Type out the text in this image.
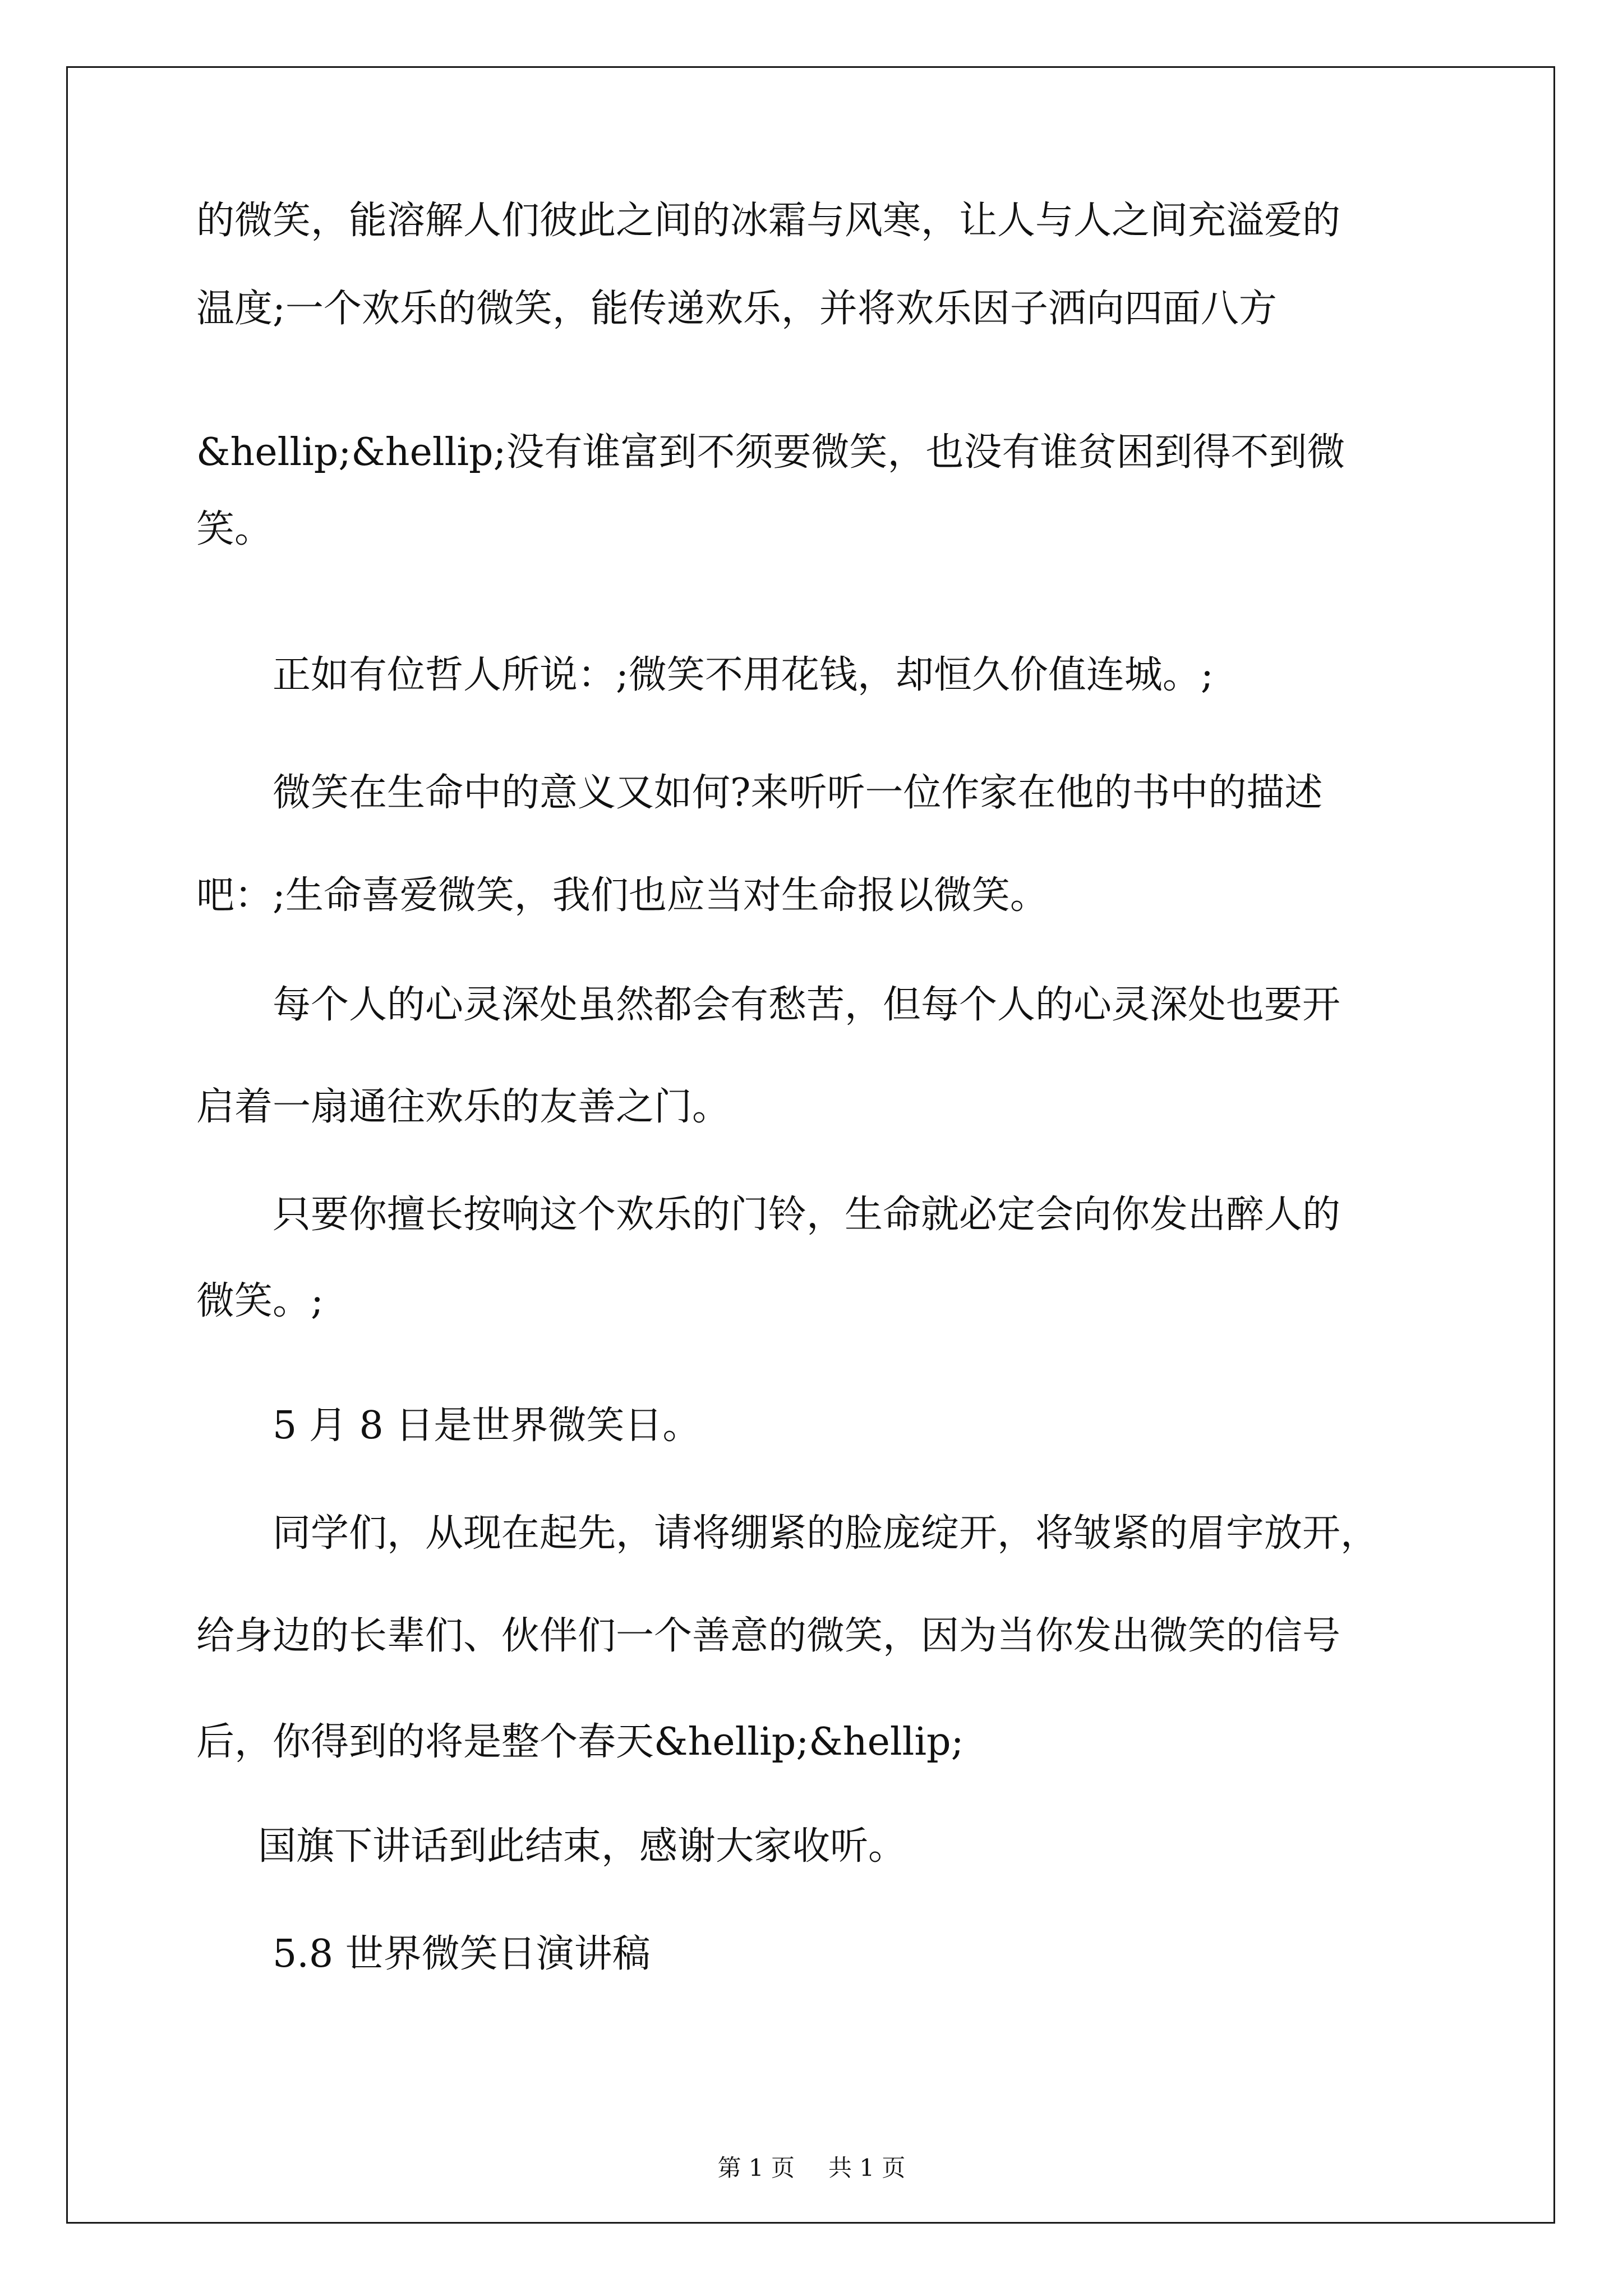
的微笑，能溶解人们彼此之间的冰霜与风寒，让人与人之间充溢爱的
温度;一个欢乐的微笑，能传递欢乐，并将欢乐因子洒向四面八方
&hellip;&hellip;没有谁富到不须要微笑，也没有谁贫困到得不到微
笑。
正如有位哲人所说：;微笑不用花钱，却恒久价值连城。;
微笑在生命中的意义又如何?来听听一位作家在他的书中的描述
吧：;生命喜爱微笑，我们也应当对生命报以微笑。
每个人的心灵深处虽然都会有愁苦，但每个人的心灵深处也要开
启着一扇通往欢乐的友善之门。
只要你擅长按响这个欢乐的门铃，生命就必定会向你发出醉人的
微笑。;
5 月 8 日是世界微笑日。
同学们，从现在起先，请将绷紧的脸庞绽开，将皱紧的眉宇放开，
给身边的长辈们、伙伴们一个善意的微笑，因为当你发出微笑的信号
后，你得到的将是整个春天&hellip;&hellip;
国旗下讲话到此结束，感谢大家收听。
5.8 世界微笑日演讲稿
第 1 页 共 1 页
